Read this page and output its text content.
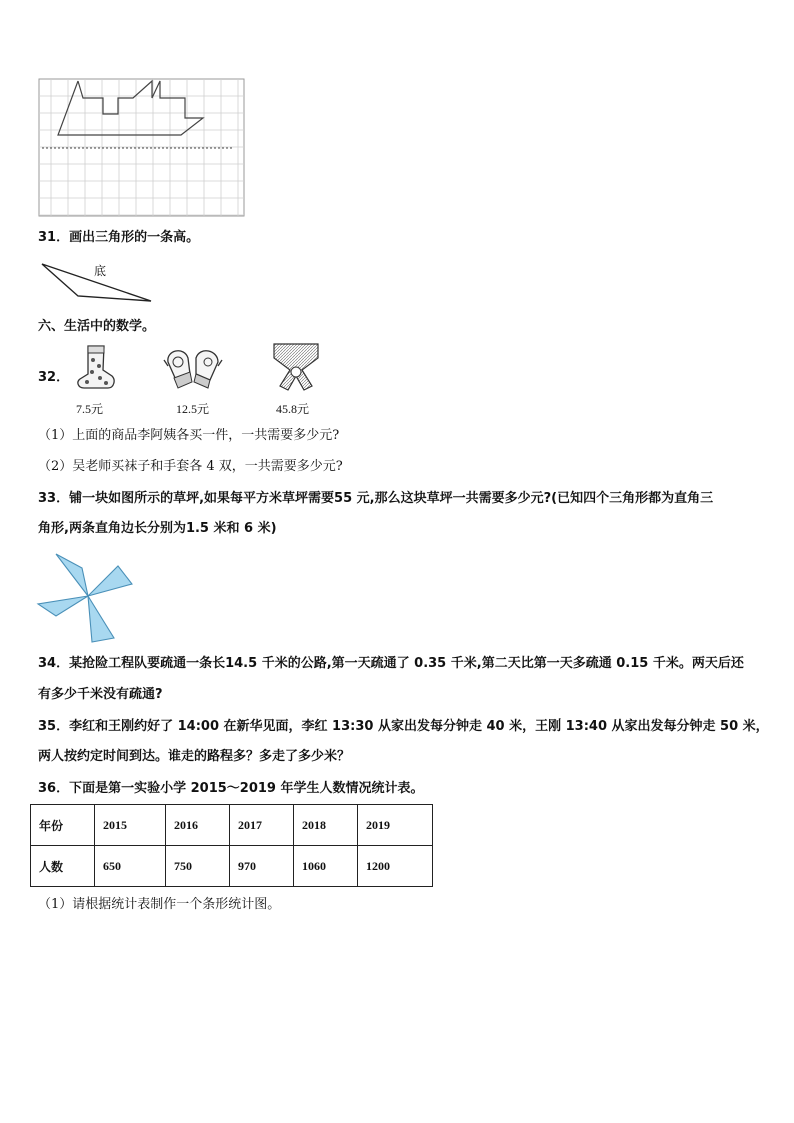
31．画出三角形的一条高。
底
六、生活中的数学。
32．
7.5元	12.5元	45.8元
（1）上面的商品李阿姨各买一件，一共需要多少元?
（2）吴老师买袜子和手套各 4 双，一共需要多少元?
33．铺一块如图所示的草坪,如果每平方米草坪需要55 元,那么这块草坪一共需要多少元?(已知四个三角形都为直角三
角形,两条直角边长分别为1.5 米和 6 米)
34．某抢险工程队要疏通一条长14.5 千米的公路,第一天疏通了 0.35 千米,第二天比第一天多疏通 0.15 千米。两天后还
有多少千米没有疏通?
35．李红和王刚约好了 14:00 在新华见面，李红 13:30 从家出发每分钟走 40 米，王刚 13:40 从家出发每分钟走 50 米，
两人按约定时间到达。谁走的路程多？多走了多少米？
36．下面是第一实验小学 2015～2019 年学生人数情况统计表。
年份	2015	2016	2017	2018	2019
人数	650	750	970	1060	1200
（1）请根据统计表制作一个条形统计图。
